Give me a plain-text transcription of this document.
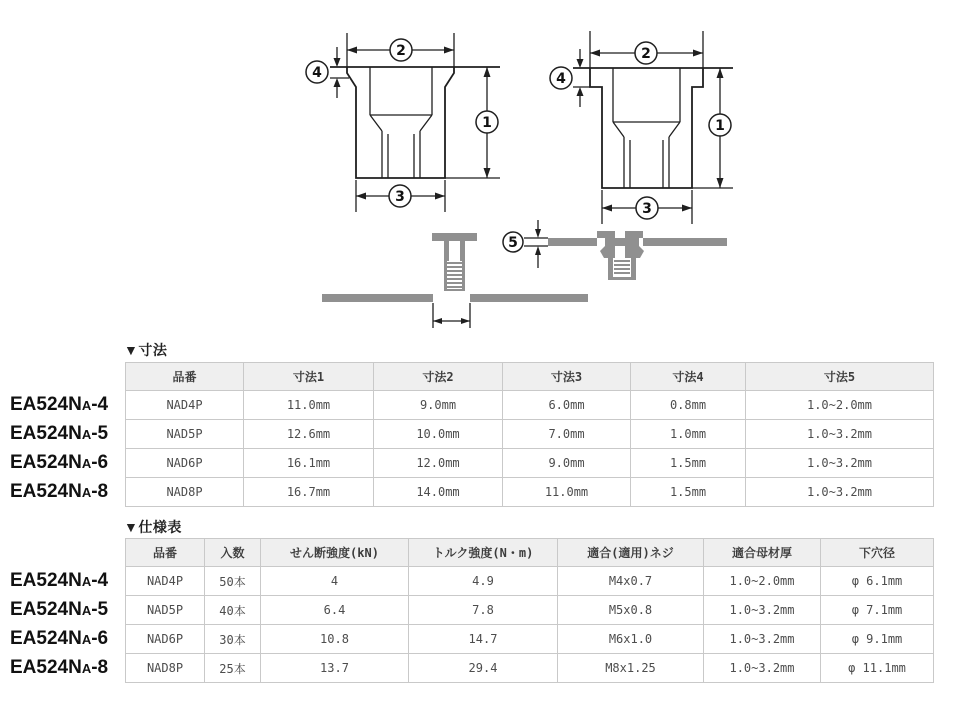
2
1
3
4
2
1
3
4
5
▼寸法
EA524NA-4
EA524NA-5
EA524NA-6
EA524NA-8
品番	寸法1	寸法2	寸法3	寸法4	寸法5
NAD4P	11.0mm	9.0mm	6.0mm	0.8mm	1.0~2.0mm
NAD5P	12.6mm	10.0mm	7.0mm	1.0mm	1.0~3.2mm
NAD6P	16.1mm	12.0mm	9.0mm	1.5mm	1.0~3.2mm
NAD8P	16.7mm	14.0mm	11.0mm	1.5mm	1.0~3.2mm
▼仕様表
EA524NA-4
EA524NA-5
EA524NA-6
EA524NA-8
品番	入数	せん断強度(kN)	トルク強度(N・m)	適合(適用)ネジ	適合母材厚	下穴径
NAD4P	50本	4	4.9	M4x0.7	1.0~2.0mm	φ 6.1mm
NAD5P	40本	6.4	7.8	M5x0.8	1.0~3.2mm	φ 7.1mm
NAD6P	30本	10.8	14.7	M6x1.0	1.0~3.2mm	φ 9.1mm
NAD8P	25本	13.7	29.4	M8x1.25	1.0~3.2mm	φ 11.1mm
